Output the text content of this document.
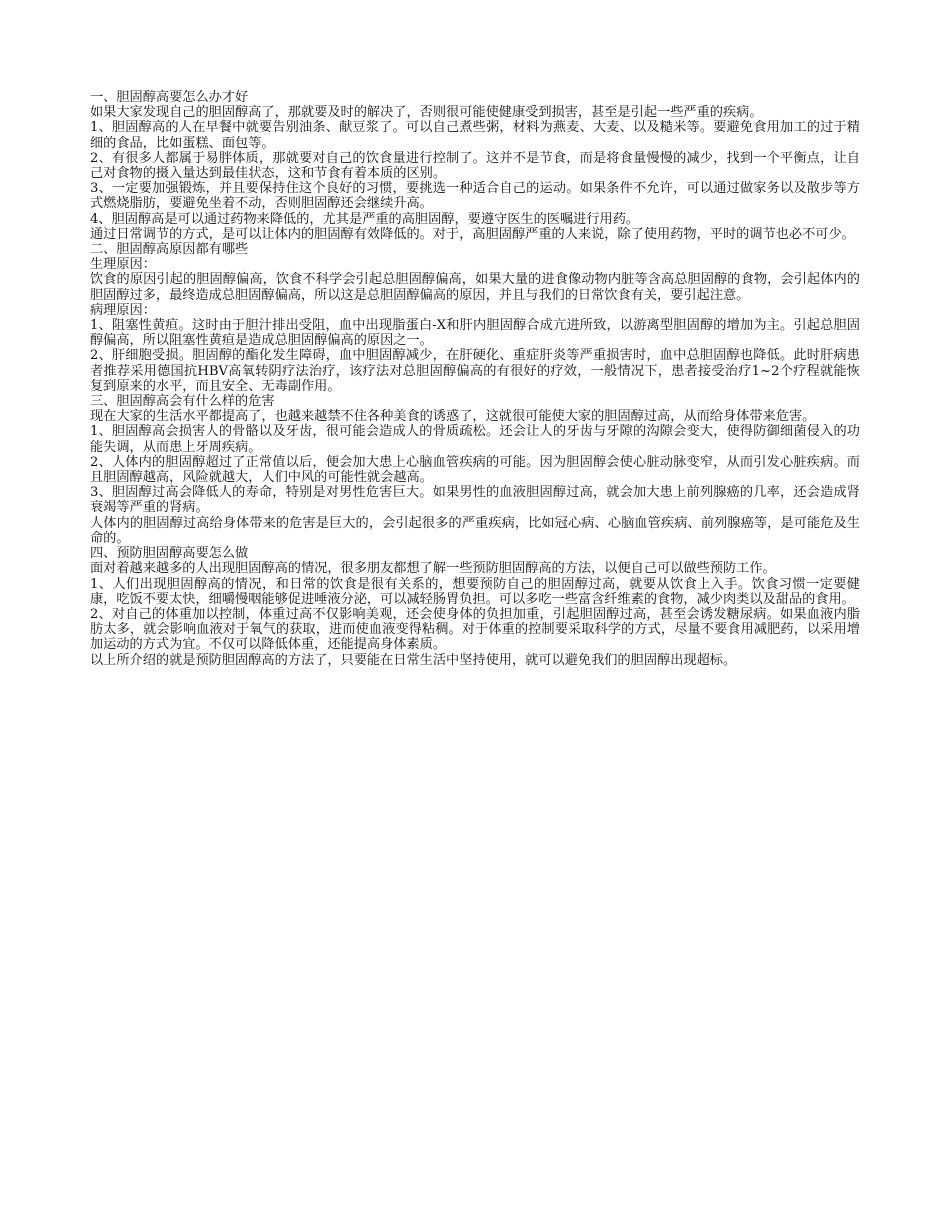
一、胆固醇高要怎么办才好

如果大家发现自己的胆固醇高了，那就要及时的解决了，否则很可能使健康受到损害，甚至是引起一些严重的疾病。

1、胆固醇高的人在早餐中就要告别油条、献豆浆了。可以自己煮些粥，材料为燕麦、大麦、以及糙米等。要避免食用加工的过于精细的食品，比如蛋糕、面包等。

2、有很多人都属于易胖体质，那就要对自己的饮食量进行控制了。这并不是节食，而是将食量慢慢的减少，找到一个平衡点，让自己对食物的摄入量达到最佳状态，这和节食有着本质的区别。

3、一定要加强锻炼，并且要保持住这个良好的习惯，要挑选一种适合自己的运动。如果条件不允许，可以通过做家务以及散步等方式燃烧脂肪，要避免坐着不动，否则胆固醇还会继续升高。

4、胆固醇高是可以通过药物来降低的，尤其是严重的高胆固醇，要遵守医生的医嘱进行用药。

通过日常调节的方式，是可以让体内的胆固醇有效降低的。对于，高胆固醇严重的人来说，除了使用药物，平时的调节也必不可少。

二、胆固醇高原因都有哪些

生理原因：

饮食的原因引起的胆固醇偏高，饮食不科学会引起总胆固醇偏高，如果大量的进食像动物内脏等含高总胆固醇的食物，会引起体内的胆固醇过多，最终造成总胆固醇偏高，所以这是总胆固醇偏高的原因，并且与我们的日常饮食有关，要引起注意。

病理原因：

1、阻塞性黄疸。这时由于胆汁排出受阻，血中出现脂蛋白-X和肝内胆固醇合成亢进所致，以游离型胆固醇的增加为主。引起总胆固醇偏高，所以阻塞性黄疸是造成总胆固醇偏高的原因之一。

2、肝细胞受损。胆固醇的酯化发生障碍，血中胆固醇减少，在肝硬化、重症肝炎等严重损害时，血中总胆固醇也降低。此时肝病患者推荐采用德国抗HBV高氧转阴疗法治疗，该疗法对总胆固醇偏高的有很好的疗效，一般情况下，患者接受治疗1~2个疗程就能恢复到原来的水平，而且安全、无毒副作用。

三、胆固醇高会有什么样的危害

现在大家的生活水平都提高了，也越来越禁不住各种美食的诱惑了，这就很可能使大家的胆固醇过高，从而给身体带来危害。

1、胆固醇高会损害人的骨骼以及牙齿，很可能会造成人的骨质疏松。还会让人的牙齿与牙隙的沟隙会变大，使得防御细菌侵入的功能失调，从而患上牙周疾病。

2、人体内的胆固醇超过了正常值以后，便会加大患上心脑血管疾病的可能。因为胆固醇会使心脏动脉变窄，从而引发心脏疾病。而且胆固醇越高，风险就越大，人们中风的可能性就会越高。

3、胆固醇过高会降低人的寿命，特别是对男性危害巨大。如果男性的血液胆固醇过高，就会加大患上前列腺癌的几率，还会造成肾衰竭等严重的肾病。

人体内的胆固醇过高给身体带来的危害是巨大的，会引起很多的严重疾病，比如冠心病、心脑血管疾病、前列腺癌等，是可能危及生命的。

四、预防胆固醇高要怎么做

面对着越来越多的人出现胆固醇高的情况，很多朋友都想了解一些预防胆固醇高的方法，以便自己可以做些预防工作。

1、人们出现胆固醇高的情况，和日常的饮食是很有关系的，想要预防自己的胆固醇过高，就要从饮食上入手。饮食习惯一定要健康，吃饭不要太快，细嚼慢咽能够促进唾液分泌，可以减轻肠胃负担。可以多吃一些富含纤维素的食物，减少肉类以及甜品的食用。

2、对自己的体重加以控制，体重过高不仅影响美观，还会使身体的负担加重，引起胆固醇过高，甚至会诱发糖尿病。如果血液内脂肪太多，就会影响血液对于氧气的获取，进而使血液变得粘稠。对于体重的控制要采取科学的方式，尽量不要食用减肥药，以采用增加运动的方式为宜。不仅可以降低体重，还能提高身体素质。

以上所介绍的就是预防胆固醇高的方法了，只要能在日常生活中坚持使用，就可以避免我们的胆固醇出现超标。
